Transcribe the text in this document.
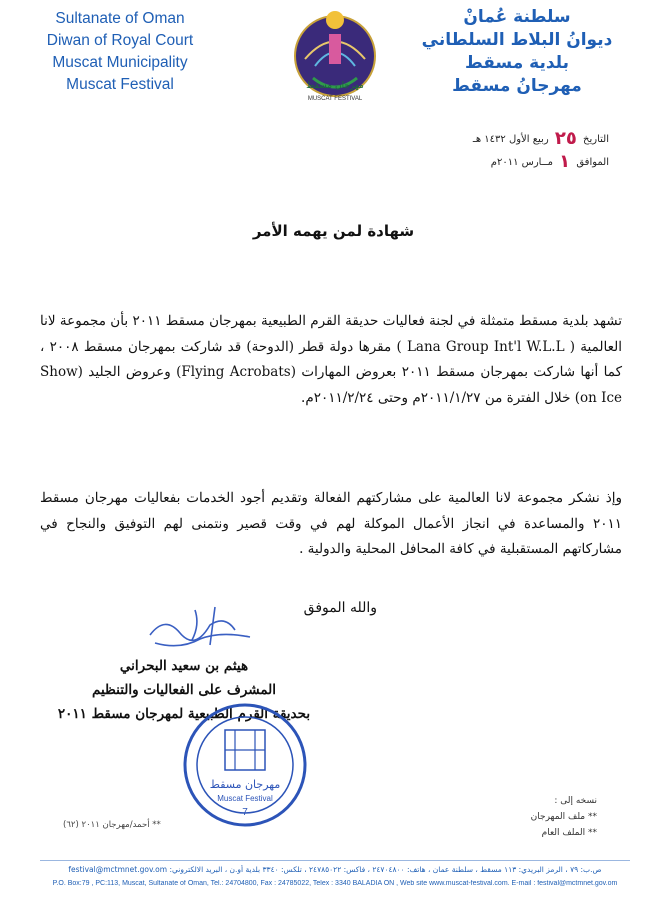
Sultanate of Oman
Diwan of Royal Court
Muscat Municipality
Muscat Festival	مهرجان مسقط
MUSCAT FESTIVAL
سلطنة عُمانْ
ديوانُ البلاط السلطاني
بلدية مسقط
مهرجانُ مسقط
التاريخ ٢٥ ربيع الأول ١٤٣٢ هـ
الموافق ١ مــارس ٢٠١١م
شهادة لمن يهمه الأمر
تشهد بلدية مسقط متمثلة في لجنة فعاليات حديقة القرم الطبيعية بمهرجان مسقط ٢٠١١ بأن مجموعة لانا العالمية ( Lana Group Int'l W.L.L ) مقرها دولة قطر (الدوحة) قد شاركت بمهرجان مسقط ٢٠٠٨ ، كما أنها شاركت بمهرجان مسقط ٢٠١١ بعروض المهارات (Flying Acrobats) وعروض الجليد (Show on Ice) خلال الفترة من ٢٠١١/١/٢٧م وحتى ٢٠١١/٢/٢٤م.
وإذ نشكر مجموعة لانا العالمية على مشاركتهم الفعالة وتقديم أجود الخدمات بفعاليات مهرجان مسقط ٢٠١١ والمساعدة في انجاز الأعمال الموكلة لهم في وقت قصير ونتمنى لهم التوفيق والنجاح في مشاركاتهم المستقبلية في كافة المحافل المحلية والدولية .
والله الموفق
هيثم بن سعيد البحراني
المشرف على الفعاليات والتنظيم
بحديقة القرم الطبيعية لمهرجان مسقط ٢٠١١
مهرجان مسقط
Muscat Festival
7
** أحمد/مهرجان ٢٠١١ (٦٢)
نسخه إلى :
** ملف المهرجان
** الملف العام
ص.ب: ٧٩ ، الرمز البريدي: ١١٣ مسقط ، سلطنة عمان ، هاتف: ٢٤٧٠٤٨٠٠ ، فاكس: ٢٤٧٨٥٠٢٢ ، تلكس: ٣٣٤٠ بلدية أو.ن ، البريد الالكتروني: festival@mctmnet.gov.om
P.O. Box:79 , PC:113, Muscat, Sultanate of Oman, Tel.: 24704800, Fax : 24785022, Telex : 3340 BALADIA ON , Web site www.muscat-festival.com. E-mail : festival@mctmnet.gov.om
